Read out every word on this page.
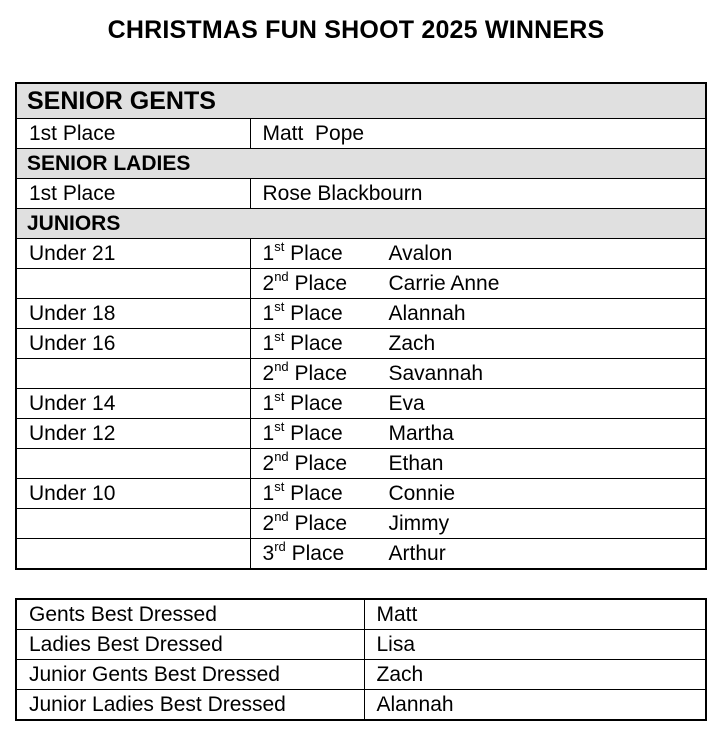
CHRISTMAS FUN SHOOT 2025 WINNERS
SENIOR GENTS	
1st Place	Matt  Pope
SENIOR LADIES	
1st Place	Rose Blackbourn
JUNIORS	
Under 21	1st Place Avalon
	2nd Place Carrie Anne
Under 18	1st Place Alannah
Under 16	1st Place Zach
	2nd Place Savannah
Under 14	1st Place Eva
Under 12	1st Place Martha
	2nd Place Ethan
Under 10	1st Place Connie
	2nd Place Jimmy
	3rd Place Arthur
Gents Best Dressed	Matt
Ladies Best Dressed	Lisa
Junior Gents Best Dressed	Zach
Junior Ladies Best Dressed	Alannah
